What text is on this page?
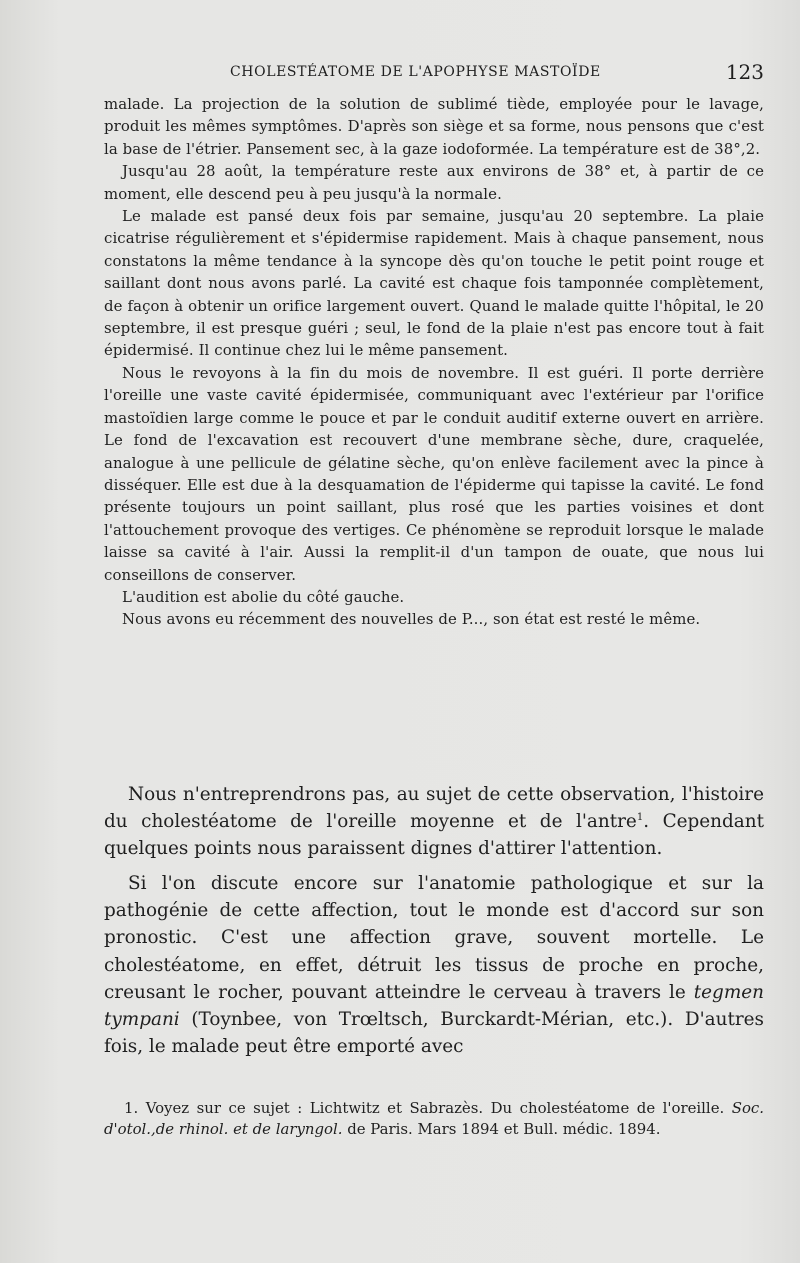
CHOLESTÉATOME DE L'APOPHYSE MASTOÏDE	123

malade. La projection de la solution de sublimé tiède, employée pour le lavage, produit les mêmes symptômes. D'après son siège et sa forme, nous pensons que c'est la base de l'étrier. Pansement sec, à la gaze iodoformée. La température est de 38°,2.

Jusqu'au 28 août, la température reste aux environs de 38° et, à partir de ce moment, elle descend peu à peu jusqu'à la normale.

Le malade est pansé deux fois par semaine, jusqu'au 20 septembre. La plaie cicatrise régulièrement et s'épidermise rapidement. Mais à chaque pansement, nous constatons la même tendance à la syncope dès qu'on touche le petit point rouge et saillant dont nous avons parlé. La cavité est chaque fois tamponnée complètement, de façon à obtenir un orifice largement ouvert. Quand le malade quitte l'hôpital, le 20 septembre, il est presque guéri ; seul, le fond de la plaie n'est pas encore tout à fait épidermisé. Il continue chez lui le même pansement.

Nous le revoyons à la fin du mois de novembre. Il est guéri. Il porte derrière l'oreille une vaste cavité épidermisée, communiquant avec l'extérieur par l'orifice mastoïdien large comme le pouce et par le conduit auditif externe ouvert en arrière. Le fond de l'excavation est recouvert d'une membrane sèche, dure, craquelée, analogue à une pellicule de gélatine sèche, qu'on enlève facilement avec la pince à disséquer. Elle est due à la desquamation de l'épiderme qui tapisse la cavité. Le fond présente toujours un point saillant, plus rosé que les parties voisines et dont l'attouchement provoque des vertiges. Ce phénomène se reproduit lorsque le malade laisse sa cavité à l'air. Aussi la remplit-il d'un tampon de ouate, que nous lui conseillons de conserver.

L'audition est abolie du côté gauche.

Nous avons eu récemment des nouvelles de P..., son état est resté le même.

Nous n'entreprendrons pas, au sujet de cette observation, l'histoire du cholestéatome de l'oreille moyenne et de l'antre$^1$. Cependant quelques points nous paraissent dignes d'attirer l'attention.

Si l'on discute encore sur l'anatomie pathologique et sur la pathogénie de cette affection, tout le monde est d'accord sur son pronostic. C'est une affection grave, souvent mortelle. Le cholestéatome, en effet, détruit les tissus de proche en proche, creusant le rocher, pouvant atteindre le cerveau à travers le tegmen tympani (Toynbee, von Trœltsch, Burckardt-Mérian, etc.). D'autres fois, le malade peut être emporté avec

1. Voyez sur ce sujet : Lichtwitz et Sabrazès. Du cholestéatome de l'oreille. Soc. d'otol.,de rhinol. et de laryngol. de Paris. Mars 1894 et Bull. médic. 1894.
